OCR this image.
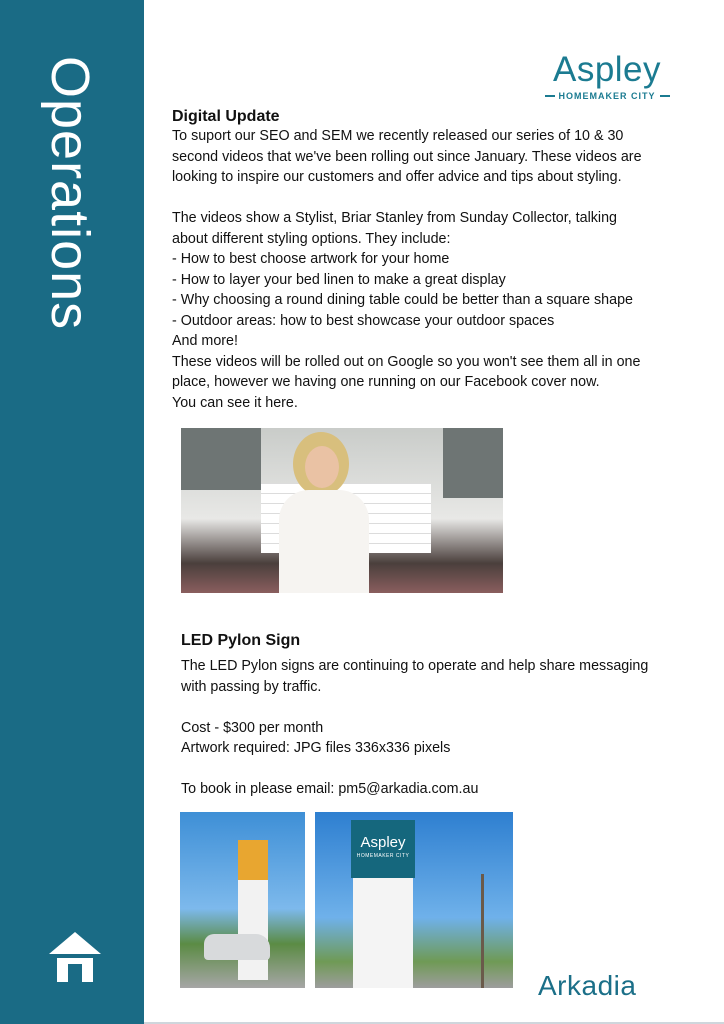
Operations	Aspley
HOMEMAKER CITY
Digital Update
To suport our SEO and SEM we recently released our series of 10 & 30
second videos that we've been rolling out since January. These videos are
looking to inspire our customers and offer advice and tips about styling.

The videos show a Stylist, Briar Stanley from Sunday Collector, talking
about different styling options. They include:
- How to best choose artwork for your home
- How to layer your bed linen to make a great display
- Why choosing a round dining table could be better than a square shape
- Outdoor areas: how to best showcase your outdoor spaces
And more!
These videos will be rolled out on Google so you won't see them all in one
place, however we having one running on our Facebook cover now.
You can see it here.
LED Pylon Sign
The LED Pylon signs are continuing to operate and help share messaging
with passing by traffic.

Cost - $300 per month
Artwork required: JPG files 336x336 pixels

To book in please email: pm5@arkadia.com.au
Aspley
HOMEMAKER CITY
Arkadia
